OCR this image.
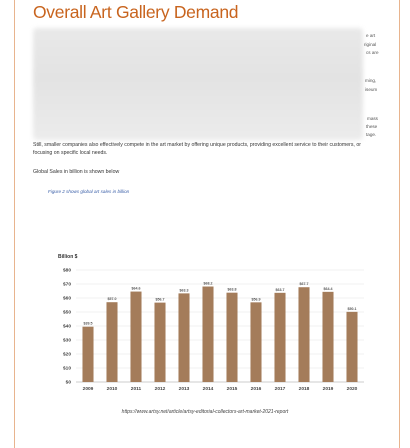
Overall Art Gallery Demand
e art
riginal
cs are
ming,
iseum
mass
these
tage.
Still, smaller companies also effectively compete in the art market by offering unique products, providing excellent service to their customers, or focusing on specific local needs.
Global Sales in billion is shown below
Figure 2 shows global art sales in billion
Billion $
$39.5
$57.0
$64.6
$56.7
$63.3
$68.2
$63.8
$56.9
$63.7
$67.7
$64.4
$50.1
$0
$10
$20
$30
$40
$50
$60
$70
$80
2009	2010	2011	2012	2013	2014	2015	2016	2017	2018	2019	2020
https://www.artsy.net/article/artsy-editorial-collectors-art-market-2021-report
